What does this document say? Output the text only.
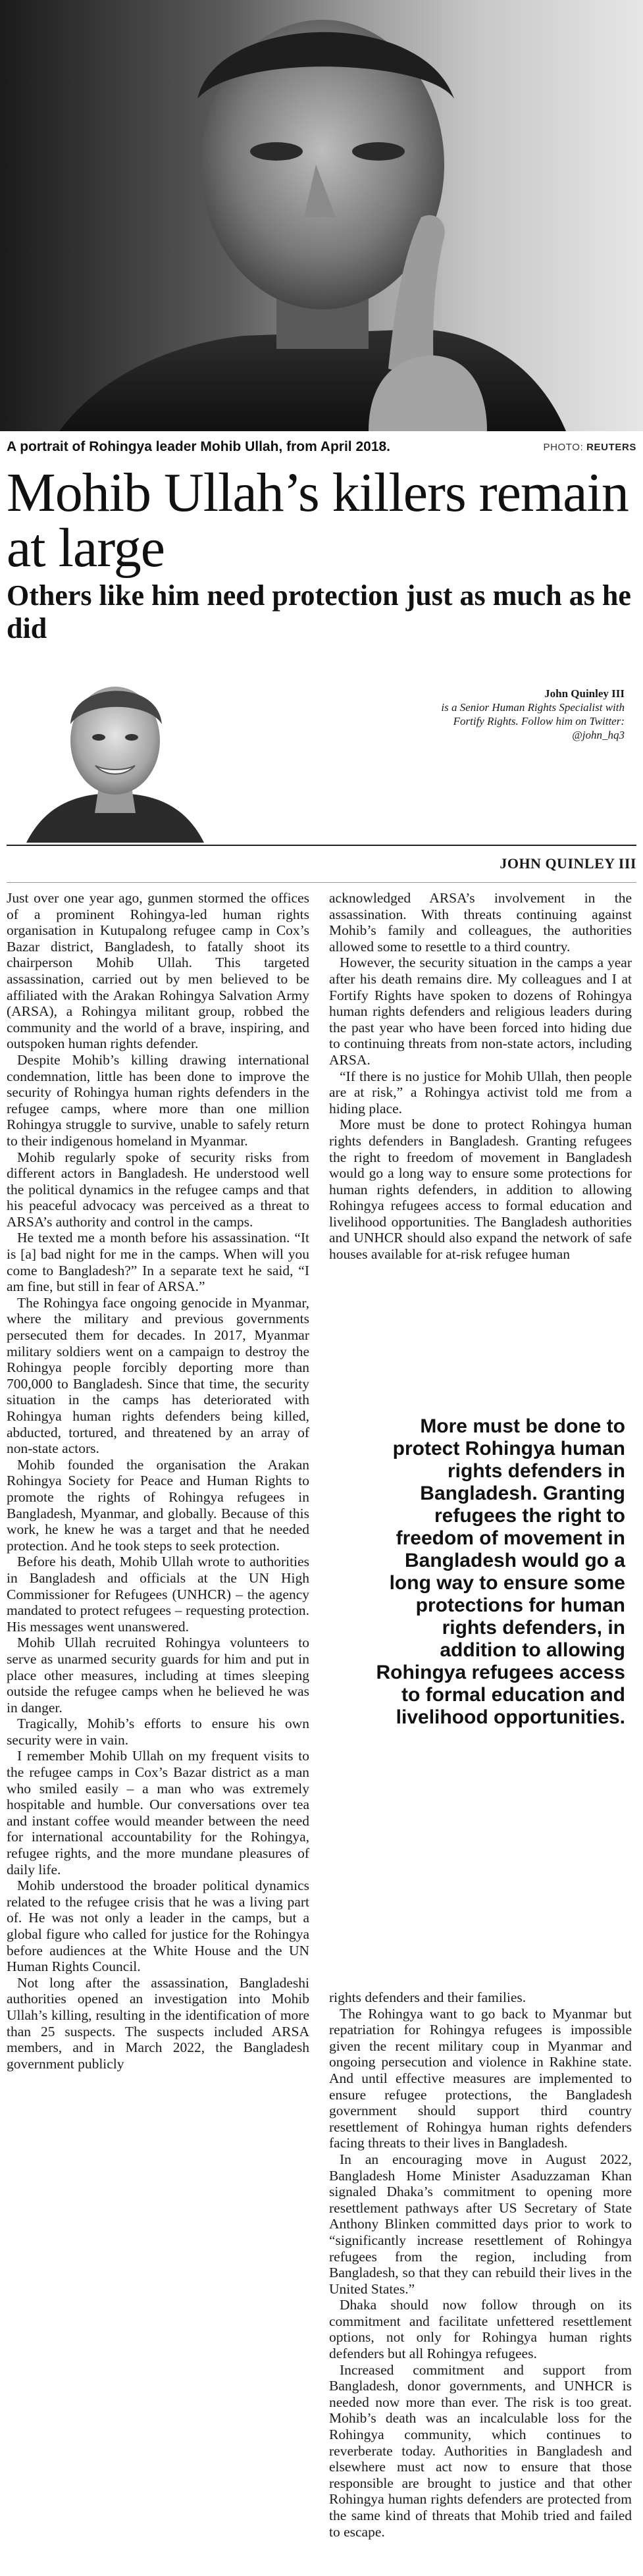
A portrait of Rohingya leader Mohib Ullah, from April 2018.	PHOTO: REUTERS
Mohib Ullah’s killers remain at large
Others like him need protection just as much as he did
John Quinley III
is a Senior Human Rights Specialist with Fortify Rights. Follow him on Twitter: @john_hq3
JOHN QUINLEY III

Just over one year ago, gunmen stormed the offices of a prominent Rohingya-led human rights organisation in Kutupalong refugee camp in Cox’s Bazar district, Bangladesh, to fatally shoot its chairperson Mohib Ullah. This targeted assassination, carried out by men believed to be affiliated with the Arakan Rohingya Salvation Army (ARSA), a Rohingya militant group, robbed the community and the world of a brave, inspiring, and outspoken human rights defender.

Despite Mohib’s killing drawing international condemnation, little has been done to improve the security of Rohingya human rights defenders in the refugee camps, where more than one million Rohingya struggle to survive, unable to safely return to their indigenous homeland in Myanmar.

Mohib regularly spoke of security risks from different actors in Bangladesh. He understood well the political dynamics in the refugee camps and that his peaceful advocacy was perceived as a threat to ARSA’s authority and control in the camps.

He texted me a month before his assassination. “It is [a] bad night for me in the camps. When will you come to Bangladesh?” In a separate text he said, “I am fine, but still in fear of ARSA.”

The Rohingya face ongoing genocide in Myanmar, where the military and previous governments persecuted them for decades. In 2017, Myanmar military soldiers went on a campaign to destroy the Rohingya people forcibly deporting more than 700,000 to Bangladesh. Since that time, the security situation in the camps has deteriorated with Rohingya human rights defenders being killed, abducted, tortured, and threatened by an array of non-state actors.

Mohib founded the organisation the Arakan Rohingya Society for Peace and Human Rights to promote the rights of Rohingya refugees in Bangladesh, Myanmar, and globally. Because of this work, he knew he was a target and that he needed protection. And he took steps to seek protection.

Before his death, Mohib Ullah wrote to authorities in Bangladesh and officials at the UN High Commissioner for Refugees (UNHCR) – the agency mandated to protect refugees – requesting protection. His messages went unanswered.

Mohib Ullah recruited Rohingya volunteers to serve as unarmed security guards for him and put in place other measures, including at times sleeping outside the refugee camps when he believed he was in danger.

Tragically, Mohib’s efforts to ensure his own security were in vain.

I remember Mohib Ullah on my frequent visits to the refugee camps in Cox’s Bazar district as a man who smiled easily – a man who was extremely hospitable and humble. Our conversations over tea and instant coffee would meander between the need for international accountability for the Rohingya, refugee rights, and the more mundane pleasures of daily life.

Mohib understood the broader political dynamics related to the refugee crisis that he was a living part of. He was not only a leader in the camps, but a global figure who called for justice for the Rohingya before audiences at the White House and the UN Human Rights Council.

Not long after the assassination, Bangladeshi authorities opened an investigation into Mohib Ullah’s killing, resulting in the identification of more than 25 suspects. The suspects included ARSA members, and in March 2022, the Bangladesh government publicly

acknowledged ARSA’s involvement in the assassination. With threats continuing against Mohib’s family and colleagues, the authorities allowed some to resettle to a third country.

However, the security situation in the camps a year after his death remains dire. My colleagues and I at Fortify Rights have spoken to dozens of Rohingya human rights defenders and religious leaders during the past year who have been forced into hiding due to continuing threats from non-state actors, including ARSA.

“If there is no justice for Mohib Ullah, then people are at risk,” a Rohingya activist told me from a hiding place.

More must be done to protect Rohingya human rights defenders in Bangladesh. Granting refugees the right to freedom of movement in Bangladesh would go a long way to ensure some protections for human rights defenders, in addition to allowing Rohingya refugees access to formal education and livelihood opportunities. The Bangladesh authorities and UNHCR should also expand the network of safe houses available for at-risk refugee human

More must be done to protect Rohingya human rights defenders in Bangladesh. Granting refugees the right to freedom of movement in Bangladesh would go a long way to ensure some protections for human rights defenders, in addition to allowing Rohingya refugees access to formal education and livelihood opportunities.

rights defenders and their families.

The Rohingya want to go back to Myanmar but repatriation for Rohingya refugees is impossible given the recent military coup in Myanmar and ongoing persecution and violence in Rakhine state. And until effective measures are implemented to ensure refugee protections, the Bangladesh government should support third country resettlement of Rohingya human rights defenders facing threats to their lives in Bangladesh.

In an encouraging move in August 2022, Bangladesh Home Minister Asaduzzaman Khan signaled Dhaka’s commitment to opening more resettlement pathways after US Secretary of State Anthony Blinken committed days prior to work to “significantly increase resettlement of Rohingya refugees from the region, including from Bangladesh, so that they can rebuild their lives in the United States.”

Dhaka should now follow through on its commitment and facilitate unfettered resettlement options, not only for Rohingya human rights defenders but all Rohingya refugees.

Increased commitment and support from Bangladesh, donor governments, and UNHCR is needed now more than ever. The risk is too great. Mohib’s death was an incalculable loss for the Rohingya community, which continues to reverberate today. Authorities in Bangladesh and elsewhere must act now to ensure that those responsible are brought to justice and that other Rohingya human rights defenders are protected from the same kind of threats that Mohib tried and failed to escape.
